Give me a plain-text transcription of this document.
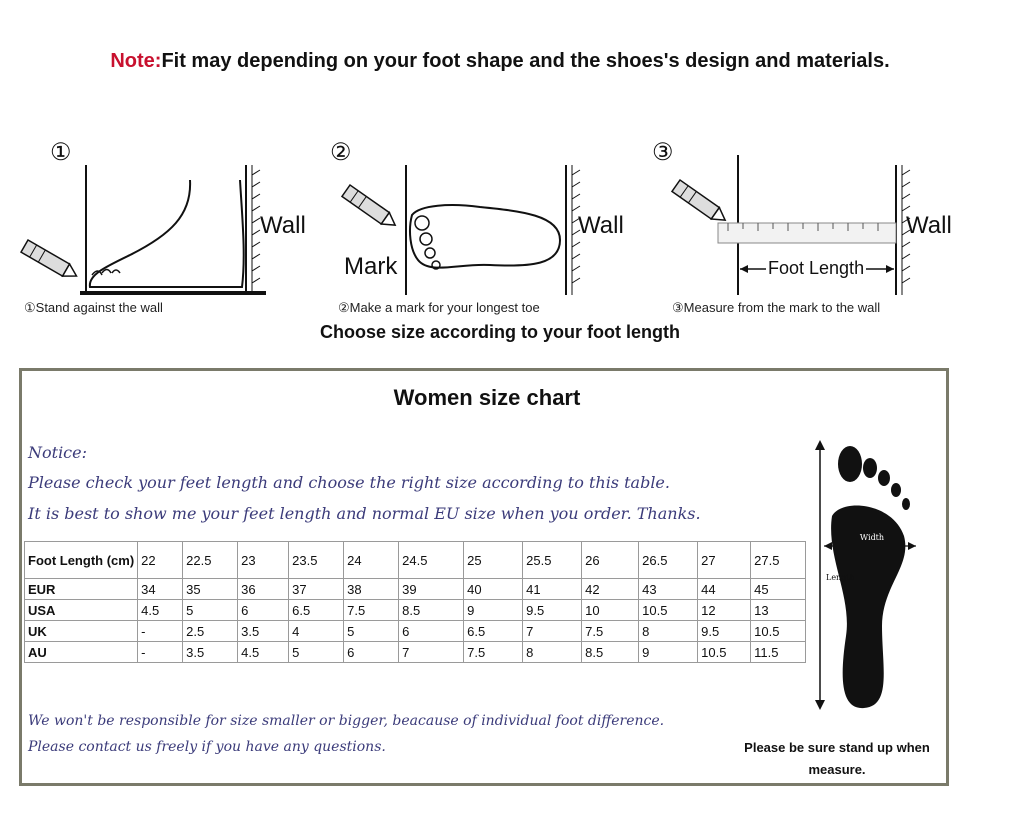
Note:Fit may depending on your foot shape and the shoes's design and materials.
①
Wall
①Stand against the wall
②
Mark
Wall
②Make a mark for your longest toe
③
Foot Length
Wall
③Measure from the mark to the wall
Choose size according to your foot length
Women size chart
Notice:
Please check your feet length and choose the right size according to this table.
It is best to show me your feet length and normal EU size when you order. Thanks.
Foot Length (cm)	22	22.5	23	23.5	24	24.5	25	25.5	26	26.5	27	27.5
EUR	34	35	36	37	38	39	40	41	42	43	44	45
USA	4.5	5	6	6.5	7.5	8.5	9	9.5	10	10.5	12	13
UK	-	2.5	3.5	4	5	6	6.5	7	7.5	8	9.5	10.5
AU	-	3.5	4.5	5	6	7	7.5	8	8.5	9	10.5	11.5
We won't be responsible for size smaller or bigger, beacause of individual foot difference.
Please contact us freely if you have any questions.
Width
Length
Please be sure stand up when measure.
